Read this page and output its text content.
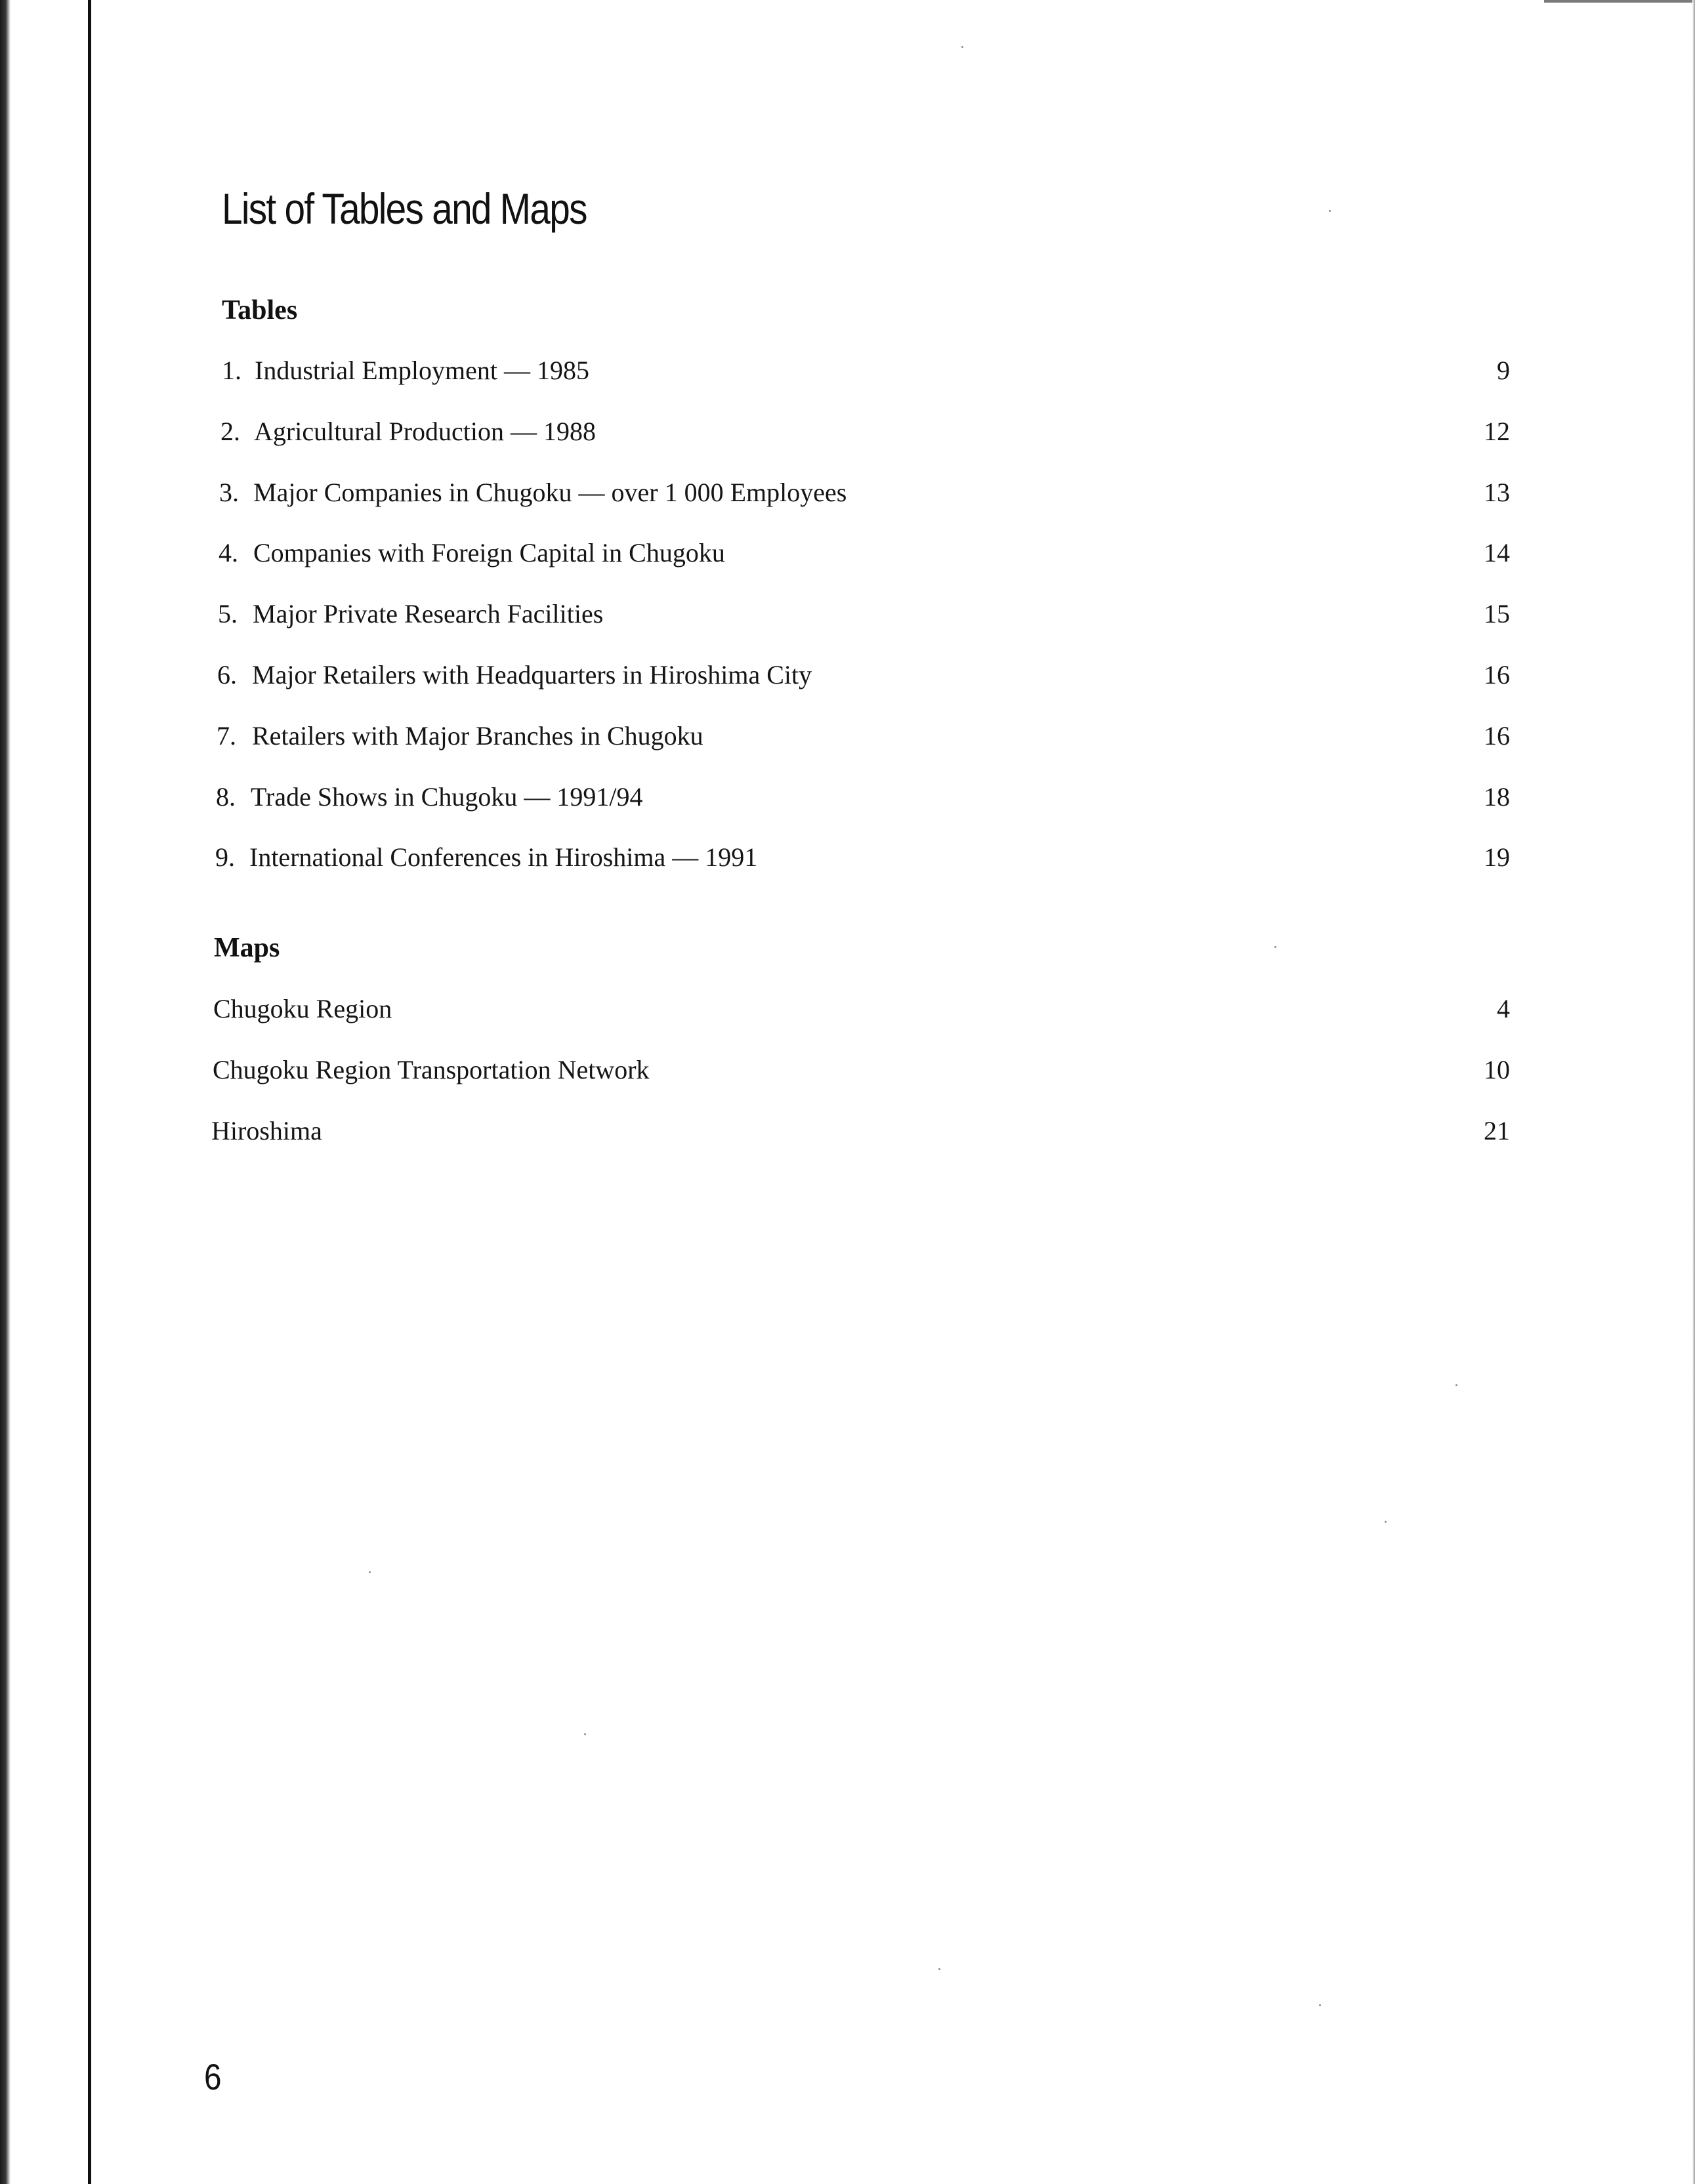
List of Tables and Maps
Tables
1. Industrial Employment — 1985	9
2. Agricultural Production — 1988	12
3. Major Companies in Chugoku — over 1 000 Employees	13
4. Companies with Foreign Capital in Chugoku	14
5. Major Private Research Facilities	15
6. Major Retailers with Headquarters in Hiroshima City	16
7. Retailers with Major Branches in Chugoku	16
8. Trade Shows in Chugoku — 1991/94	18
9. International Conferences in Hiroshima — 1991	19
Maps
Chugoku Region	4
Chugoku Region Transportation Network	10
Hiroshima	21
6
